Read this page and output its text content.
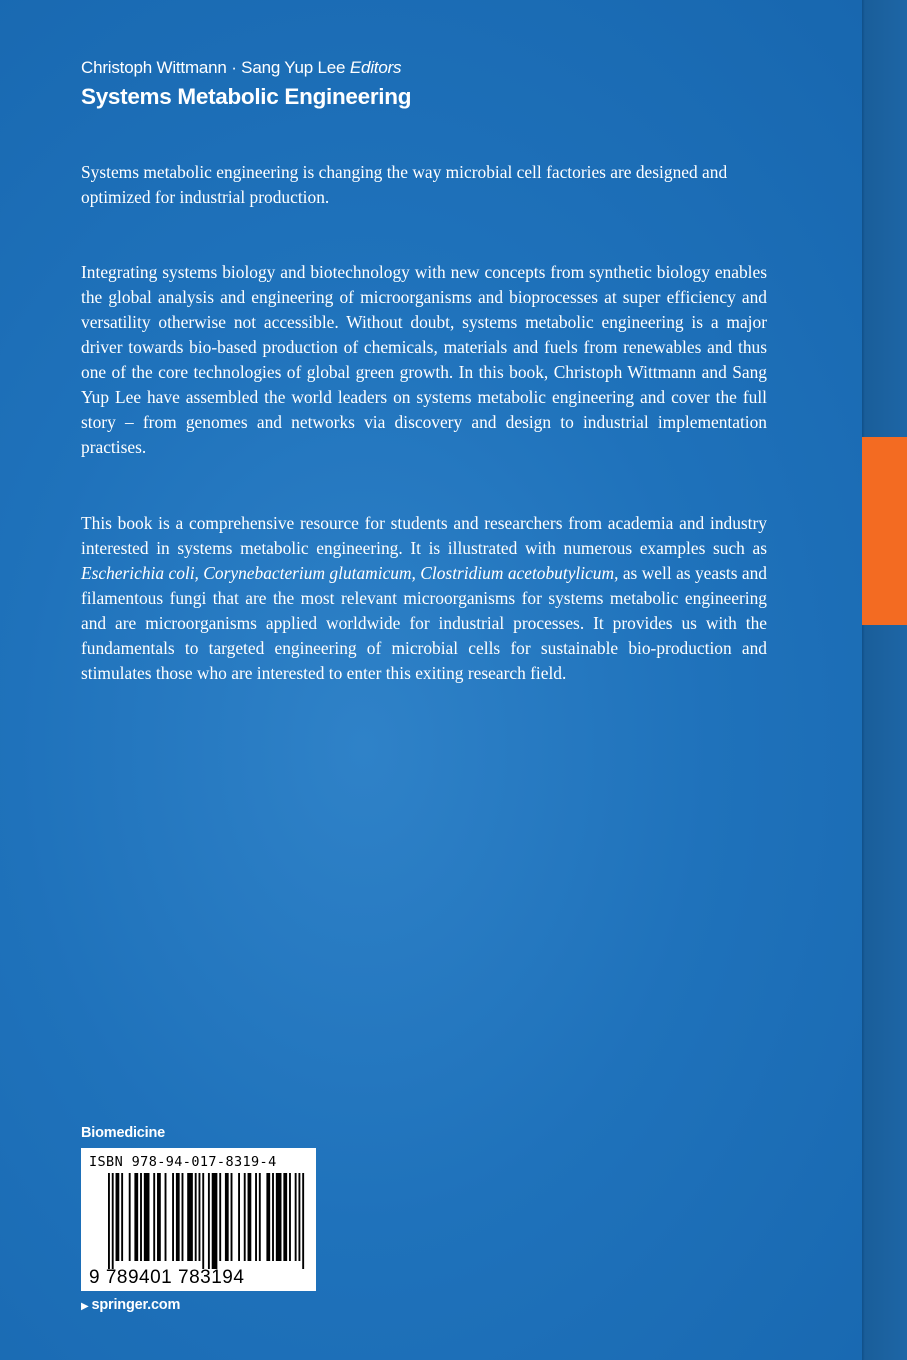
Christoph Wittmann · Sang Yup Lee Editors
Systems Metabolic Engineering

Systems metabolic engineering is changing the way microbial cell factories are designed and optimized for industrial production.

Integrating systems biology and biotechnology with new concepts from synthetic biology enables the global analysis and engineering of microorganisms and bioprocesses at super efficiency and versatility otherwise not accessible. Without doubt, systems metabolic engineering is a major driver towards bio-based production of chemicals, materials and fuels from renewables and thus one of the core technologies of global green growth. In this book, Christoph Wittmann and Sang Yup Lee have assembled the world leaders on systems metabolic engineering and cover the full story – from genomes and networks via discovery and design to industrial implementation practises.

This book is a comprehensive resource for students and researchers from academia and industry interested in systems metabolic engineering. It is illustrated with numerous examples such as Escherichia coli, Corynebacterium glutamicum, Clostridium acetobutylicum, as well as yeasts and filamentous fungi that are the most relevant microorganisms for systems metabolic engineering and are microorganisms applied worldwide for industrial processes. It provides us with the fundamentals to targeted engineering of microbial cells for sustainable bio-production and stimulates those who are interested to enter this exiting research field.

Biomedicine
ISBN 978-94-017-8319-4
9 789401 783194
▶ springer.com
